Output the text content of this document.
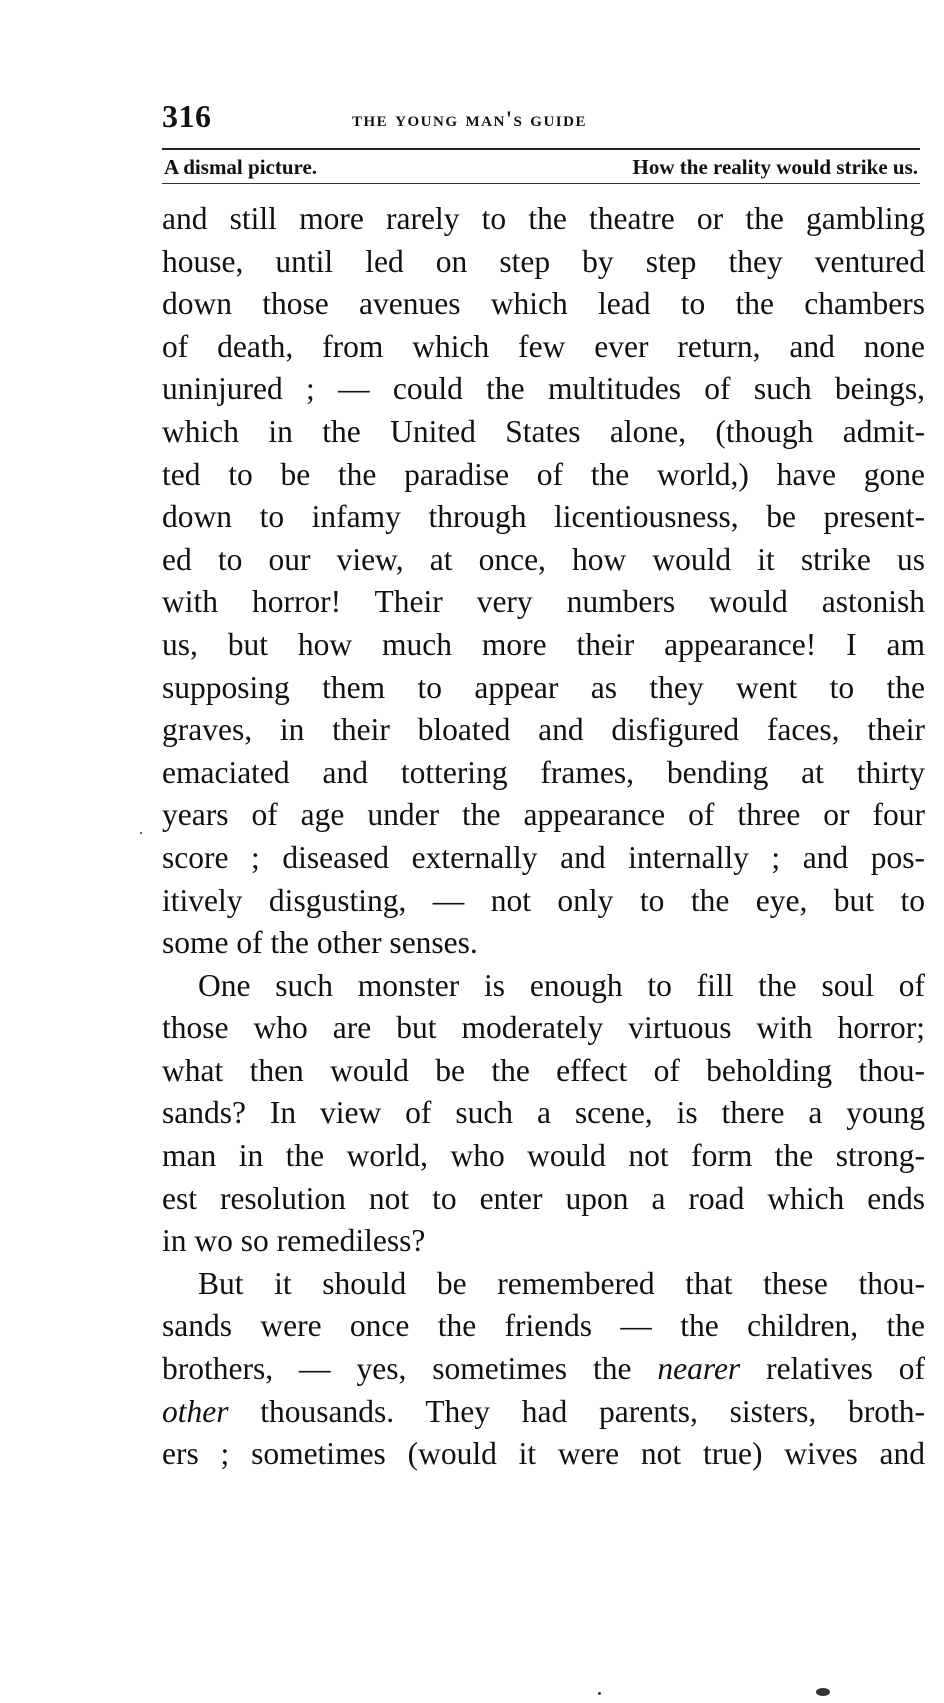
316	the young man's guide
A dismal picture.	How the reality would strike us.
and still more rarely to the theatre or the gambling
house, until led on step by step they ventured
down those avenues which lead to the chambers
of death, from which few ever return, and none
uninjured ; — could the multitudes of such beings,
which in the United States alone, (though admit-
ted to be the paradise of the world,) have gone
down to infamy through licentiousness, be present-
ed to our view, at once, how would it strike us
with horror! Their very numbers would astonish
us, but how much more their appearance! I am
supposing them to appear as they went to the
graves, in their bloated and disfigured faces, their
emaciated and tottering frames, bending at thirty
years of age under the appearance of three or four
score ; diseased externally and internally ; and pos-
itively disgusting, — not only to the eye, but to
some of the other senses.
One such monster is enough to fill the soul of
those who are but moderately virtuous with horror;
what then would be the effect of beholding thou-
sands? In view of such a scene, is there a young
man in the world, who would not form the strong-
est resolution not to enter upon a road which ends
in wo so remediless?
But it should be remembered that these thou-
sands were once the friends — the children, the
brothers, — yes, sometimes the nearer relatives of
other thousands. They had parents, sisters, broth-
ers ; sometimes (would it were not true) wives and
